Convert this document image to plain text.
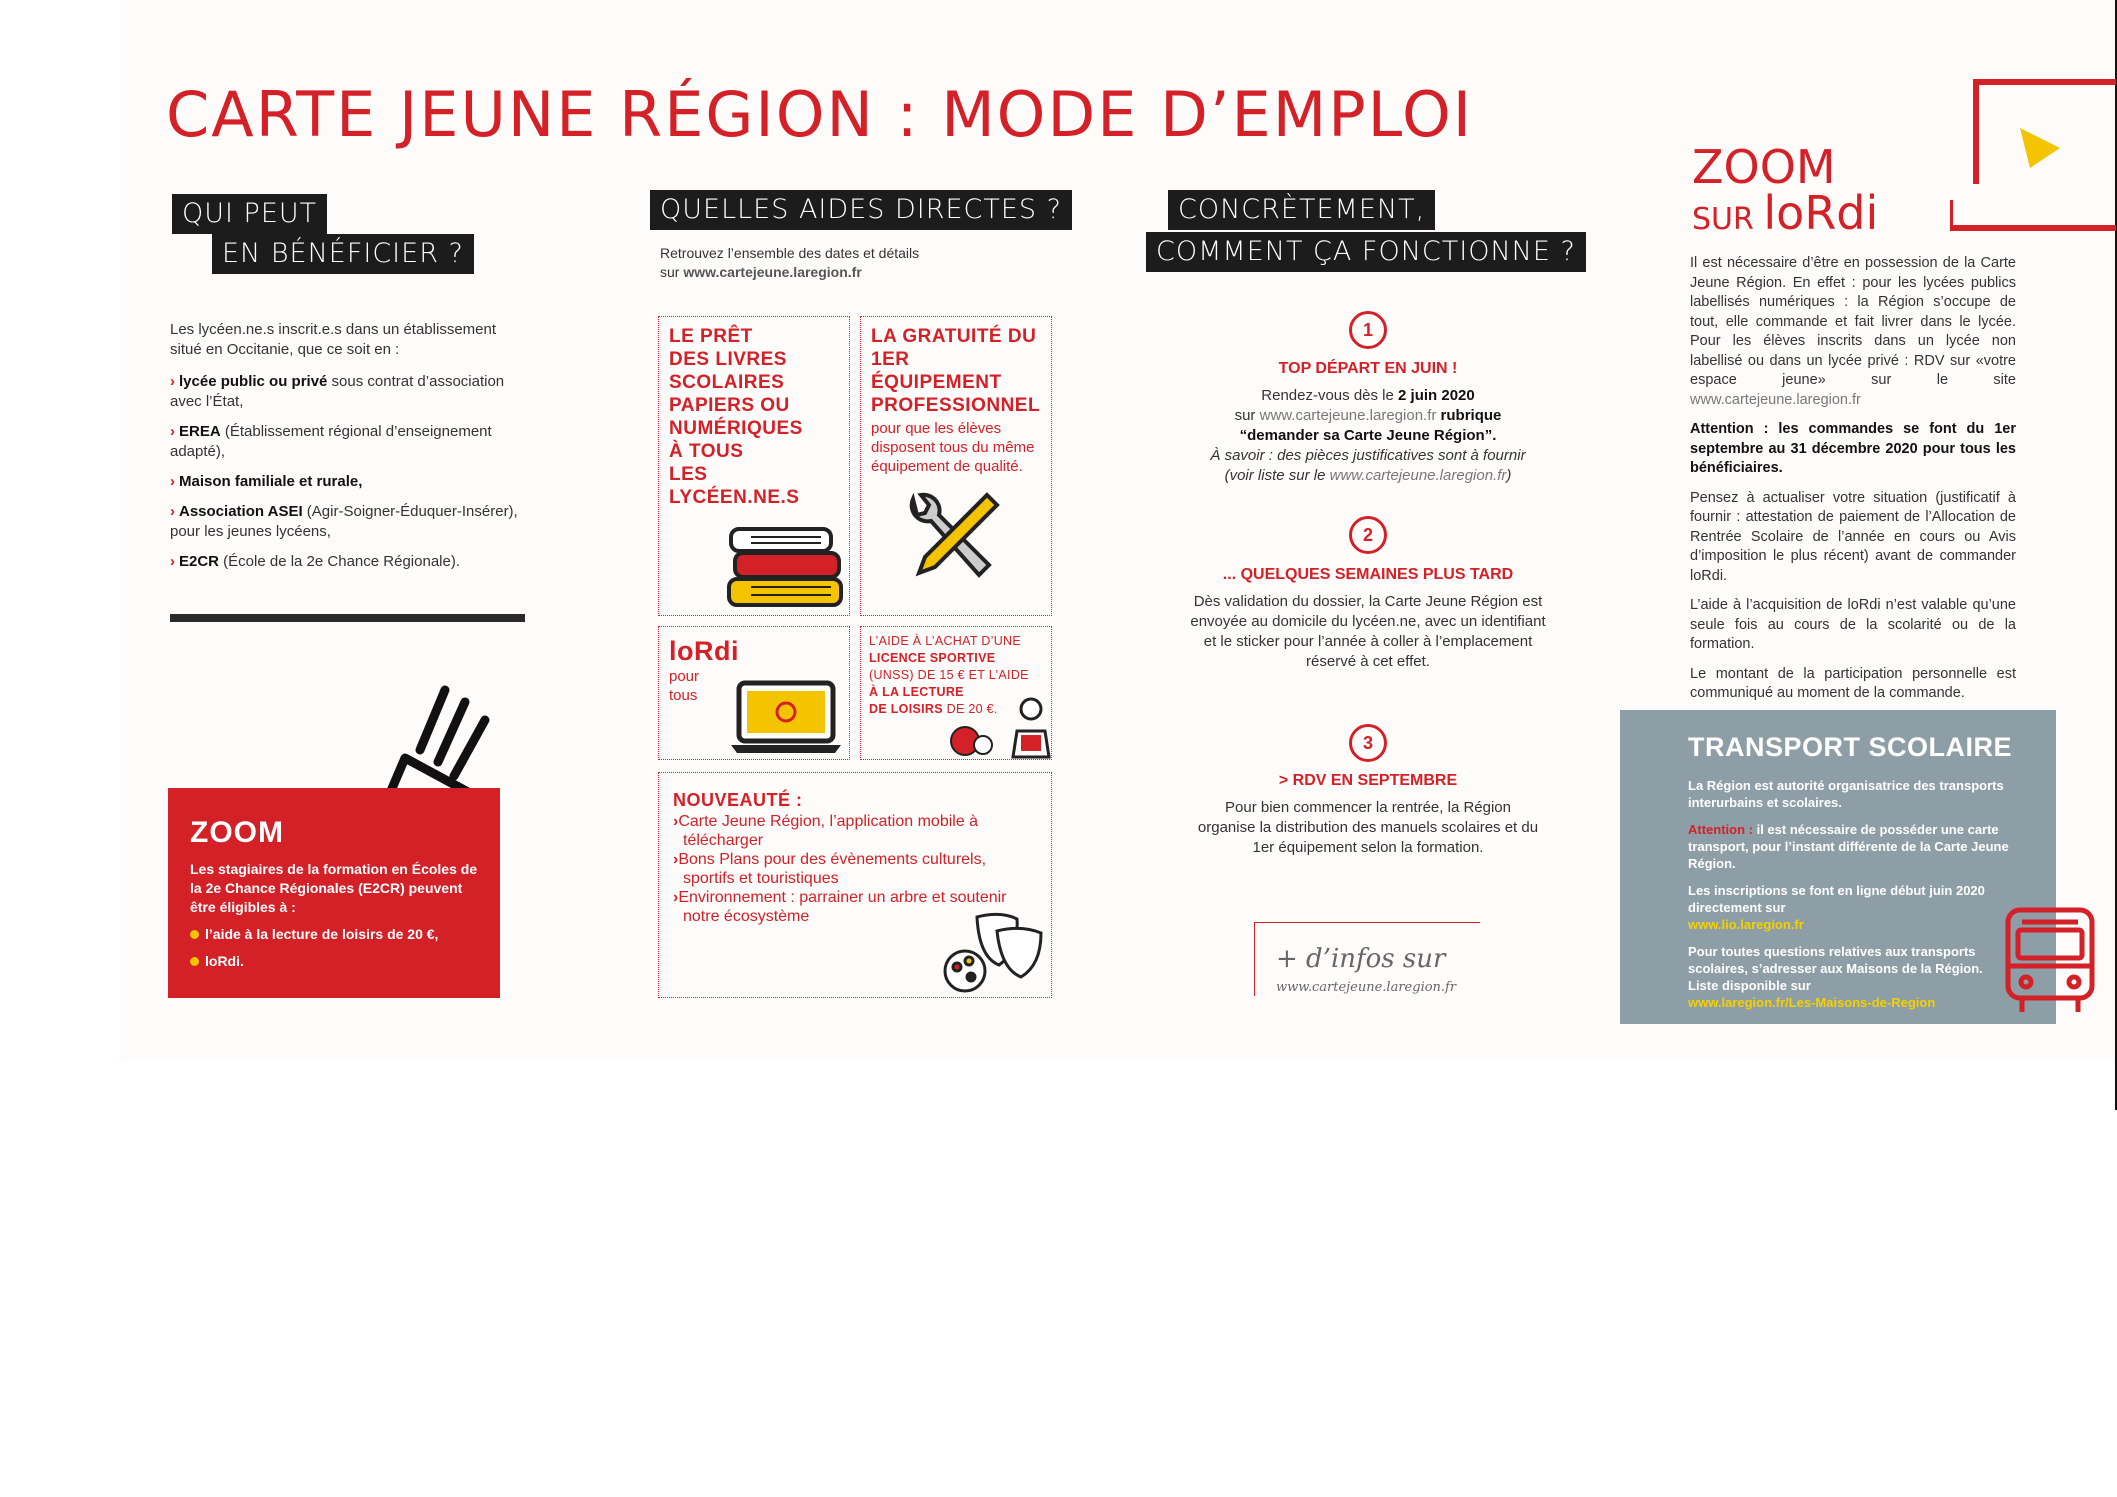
CARTE JEUNE RÉGION : MODE D’EMPLOI
QUI PEUT
EN BÉNÉFICIER ?

Les lycéen.ne.s inscrit.e.s dans un établissement situé en Occitanie, que ce soit en :

› lycée public ou privé sous contrat d’association avec l’État,
› EREA (Établissement régional d’enseignement adapté),
› Maison familiale et rurale,
› Association ASEI (Agir-Soigner-Éduquer-Insérer), pour les jeunes lycéens,
› E2CR (École de la 2e Chance Régionale).
ZOOM

Les stagiaires de la formation en Écoles de la 2e Chance Régionales (E2CR) peuvent être éligibles à :

l’aide à la lecture de loisirs de 20 €,

loRdi.

QUELLES AIDES DIRECTES ?
Retrouvez l’ensemble des dates et détails
sur www.cartejeune.laregion.fr
LE PRÊT
DES LIVRES
SCOLAIRES
PAPIERS OU
NUMÉRIQUES
À TOUS
LES LYCÉEN.NE.S
LA GRATUITÉ DU
1ER ÉQUIPEMENT
PROFESSIONNEL
pour que les élèves disposent tous du même équipement de qualité.
loRdi
pour
tous
L’AIDE À L’ACHAT D’UNE
LICENCE SPORTIVE
(UNSS) DE 15 € ET L’AIDE
À LA LECTURE
DE LOISIRS DE 20 €.
NOUVEAUTÉ :
›Carte Jeune Région, l’application mobile à télécharger
›Bons Plans pour des évènements culturels, sportifs et touristiques
›Environnement : parrainer un arbre et soutenir notre écosystème
CONCRÈTEMENT,
COMMENT ÇA FONCTIONNE ?
1
TOP DÉPART EN JUIN !
Rendez-vous dès le 2 juin 2020
sur www.cartejeune.laregion.fr rubrique
“demander sa Carte Jeune Région”.
À savoir : des pièces justificatives sont à fournir
(voir liste sur le www.cartejeune.laregion.fr)
2
... QUELQUES SEMAINES PLUS TARD
Dès validation du dossier, la Carte Jeune Région est envoyée au domicile du lycéen.ne, avec un identifiant et le sticker pour l’année à coller à l’emplacement réservé à cet effet.
3
> RDV EN SEPTEMBRE
Pour bien commencer la rentrée, la Région organise la distribution des manuels scolaires et du 1er équipement selon la formation.
+ d’infos sur
www.cartejeune.laregion.fr
ZOOM
SUR loRdi

Il est nécessaire d’être en possession de la Carte Jeune Région. En effet : pour les lycées publics labellisés numériques : la Région s’occupe de tout, elle commande et fait livrer dans le lycée. Pour les élèves inscrits dans un lycée non labellisé ou dans un lycée privé : RDV sur «votre espace jeune» sur le site www.cartejeune.laregion.fr

Attention : les commandes se font du 1er septembre au 31 décembre 2020 pour tous les bénéficiaires.

Pensez à actualiser votre situation (justificatif à fournir : attestation de paiement de l’Allocation de Rentrée Scolaire de l’année en cours ou Avis d’imposition le plus récent) avant de commander loRdi.

L’aide à l’acquisition de loRdi n’est valable qu’une seule fois au cours de la scolarité ou de la formation.

Le montant de la participation personnelle est communiqué au moment de la commande.

TRANSPORT SCOLAIRE

La Région est autorité organisatrice des transports interurbains et scolaires.

Attention : il est nécessaire de posséder une carte transport, pour l’instant différente de la Carte Jeune Région.

Les inscriptions se font en ligne début juin 2020 directement sur
www.lio.laregion.fr

Pour toutes questions relatives aux transports scolaires, s’adresser aux Maisons de la Région. Liste disponible sur
www.laregion.fr/Les-Maisons-de-Region
